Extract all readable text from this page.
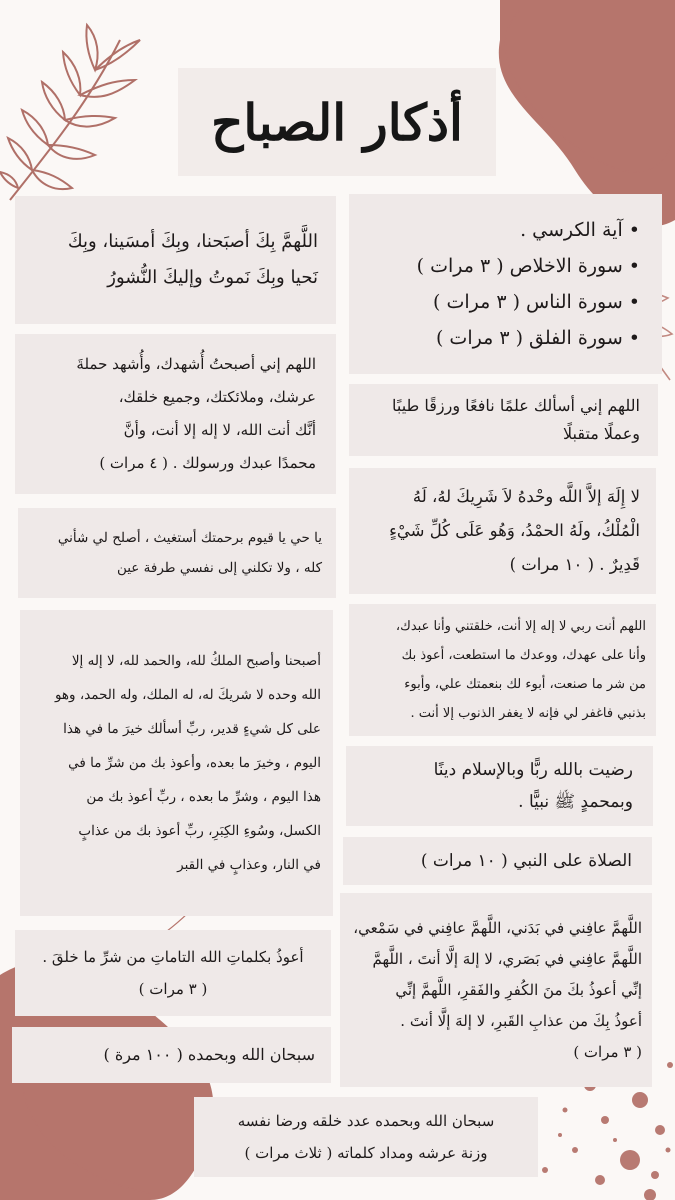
أذكار الصباح
• آية الكرسي .
• سورة الاخلاص ( ٣ مرات )
• سورة الناس ( ٣ مرات )
• سورة الفلق ( ٣ مرات )

اللهم إني أسألك علمًا نافعًا ورزقًا طيبًا
وعملًا متقبلًا

لا إِلَهَ إلاَّ اللَّه وحْدهُ لاَ شَرِيكَ لهُ، لَهُ
الْمُلْكُ، ولَهُ الحمْدُ، وَهُو عَلَى كُلِّ شَيْءٍ
قَدِيرٌ . ( ١٠ مرات )

اللهم أنت ربي لا إله إلا أنت، خلقتني وأنا عبدك،
وأنا على عهدك، ووعدك ما استطعت، أعوذ بك
من شر ما صنعت، أبوء لك بنعمتك علي، وأبوء
بذنبي فاغفر لي فإنه لا يغفر الذنوب إلا أنت .

رضيت بالله ربًّا وبالإسلام دينًا
وبمحمدٍ ﷺ نبيًّا .

الصلاة على النبي ( ١٠ مرات )

اللَّهمَّ عافِني في بَدَني، اللَّهمَّ عافِني في سَمْعي،
اللَّهمَّ عافِني في بَصَري، لا إلهَ إلَّا أنتَ ، اللَّهمَّ
إنِّي أعوذُ بكَ منَ الكُفرِ والفَقرِ، اللَّهمَّ إنِّي
أعوذُ بِكَ من عذابِ القَبرِ، لا إلهَ إلَّا أنتَ .
( ٣ مرات )

اللَّهمَّ بِكَ أصبَحنا، وبِكَ أمسَينا، وبِكَ
نَحيا وبِكَ نَموتُ وإليكَ النُّشورُ

اللهم إني أصبحتُ أُشهدك، وأُشهد حملةَ
عرشك، وملائكتك، وجميع خلقك،
أنَّك أنت الله، لا إله إلا أنت، وأنَّ
محمدًا عبدك ورسولك . ( ٤ مرات )

يا حي يا قيوم برحمتك أستغيث ، أصلح لي شأني
كله ، ولا تكلني إلى نفسي طرفة عين

أصبحنا وأصبح الملكُ لله، والحمد لله، لا إله إلا
الله وحده لا شريكَ له، له الملك، وله الحمد، وهو
على كل شيءٍ قدير، ربِّ أسألك خيرَ ما في هذا
اليوم ، وخيرَ ما بعده، وأعوذ بك من شرِّ ما في
هذا اليوم ، وشرِّ ما بعده ، ربِّ أعوذ بك من
الكسل، وسُوءِ الكِبَرِ، ربِّ أعوذ بك من عذابٍ
في النار، وعذابٍ في القبر

أعوذُ بكلماتِ الله التاماتِ من شرِّ ما خلقَ .
( ٣ مرات )

سبحان الله وبحمده ( ١٠٠ مرة )

سبحان الله وبحمده عدد خلقه ورضا نفسه
وزنة عرشه ومداد كلماته ( ثلاث مرات )
